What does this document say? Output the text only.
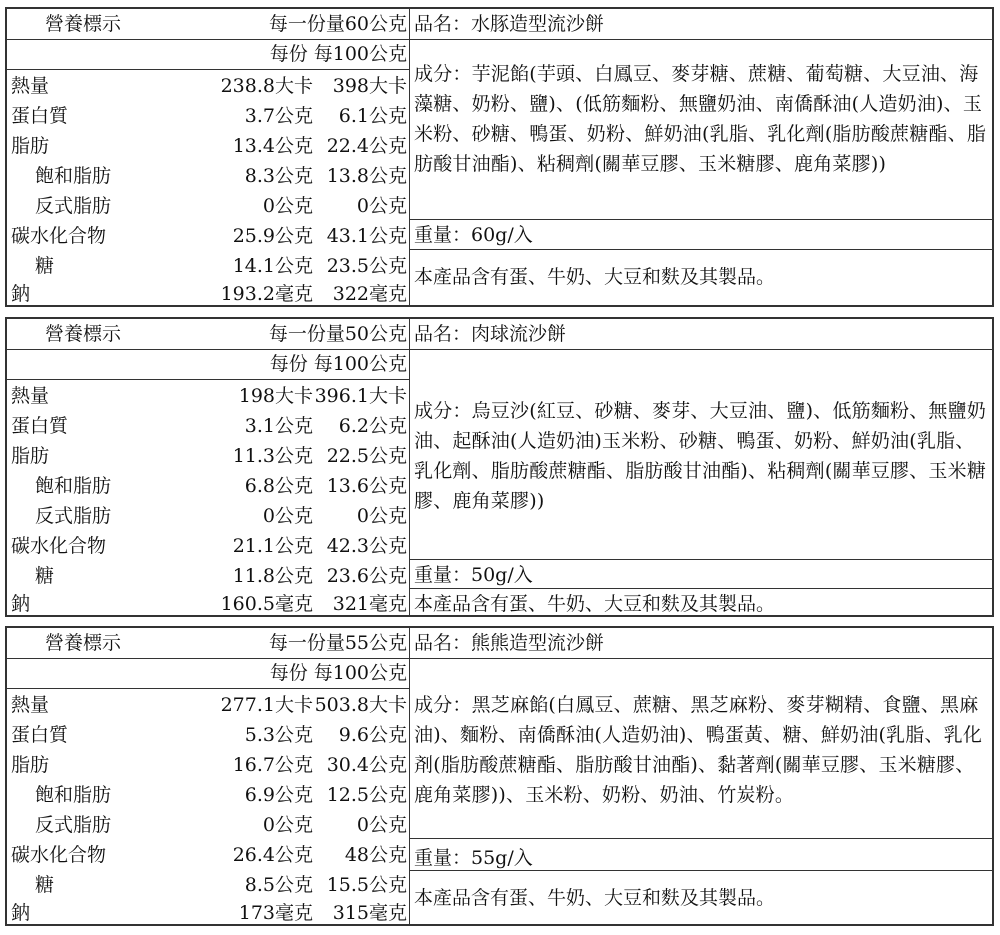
營養標示	每一份量60公克
每份 每100公克
熱量	238.8大卡 398大卡
蛋白質	3.7公克 6.1公克
脂肪	13.4公克 22.4公克
飽和脂肪	8.3公克 13.8公克
反式脂肪	0公克 0公克
碳水化合物	25.9公克 43.1公克
糖	14.1公克 23.5公克
鈉	193.2毫克 322毫克
品名：水豚造型流沙餅
成分：芋泥餡(芋頭、白鳳豆、麥芽糖、蔗糖、葡萄糖、大豆油、海藻糖、奶粉、鹽)、(低筋麵粉、無鹽奶油、南僑酥油(人造奶油)、玉米粉、砂糖、鴨蛋、奶粉、鮮奶油(乳脂、乳化劑(脂肪酸蔗糖酯、脂肪酸甘油酯)、粘稠劑(關華豆膠、玉米糖膠、鹿角菜膠))
重量：60g/入
本產品含有蛋、牛奶、大豆和麩及其製品。
營養標示	每一份量50公克
每份 每100公克
熱量	198大卡 396.1大卡
蛋白質	3.1公克 6.2公克
脂肪	11.3公克 22.5公克
飽和脂肪	6.8公克 13.6公克
反式脂肪	0公克 0公克
碳水化合物	21.1公克 42.3公克
糖	11.8公克 23.6公克
鈉	160.5毫克 321毫克
品名：肉球流沙餅
成分：烏豆沙(紅豆、砂糖、麥芽、大豆油、鹽)、低筋麵粉、無鹽奶油、起酥油(人造奶油)玉米粉、砂糖、鴨蛋、奶粉、鮮奶油(乳脂、乳化劑、脂肪酸蔗糖酯、脂肪酸甘油酯)、粘稠劑(關華豆膠、玉米糖膠、鹿角菜膠))
重量：50g/入
本產品含有蛋、牛奶、大豆和麩及其製品。
營養標示	每一份量55公克
每份 每100公克
熱量	277.1大卡 503.8大卡
蛋白質	5.3公克 9.6公克
脂肪	16.7公克 30.4公克
飽和脂肪	6.9公克 12.5公克
反式脂肪	0公克 0公克
碳水化合物	26.4公克 48公克
糖	8.5公克 15.5公克
鈉	173毫克 315毫克
品名：熊熊造型流沙餅
成分：黑芝麻餡(白鳳豆、蔗糖、黑芝麻粉、麥芽糊精、食鹽、黑麻油)、麵粉、南僑酥油(人造奶油)、鴨蛋黃、糖、鮮奶油(乳脂、乳化剤(脂肪酸蔗糖酯、脂肪酸甘油酯)、黏著劑(關華豆膠、玉米糖膠、鹿角菜膠))、玉米粉、奶粉、奶油、竹炭粉。
重量：55g/入
本產品含有蛋、牛奶、大豆和麩及其製品。
